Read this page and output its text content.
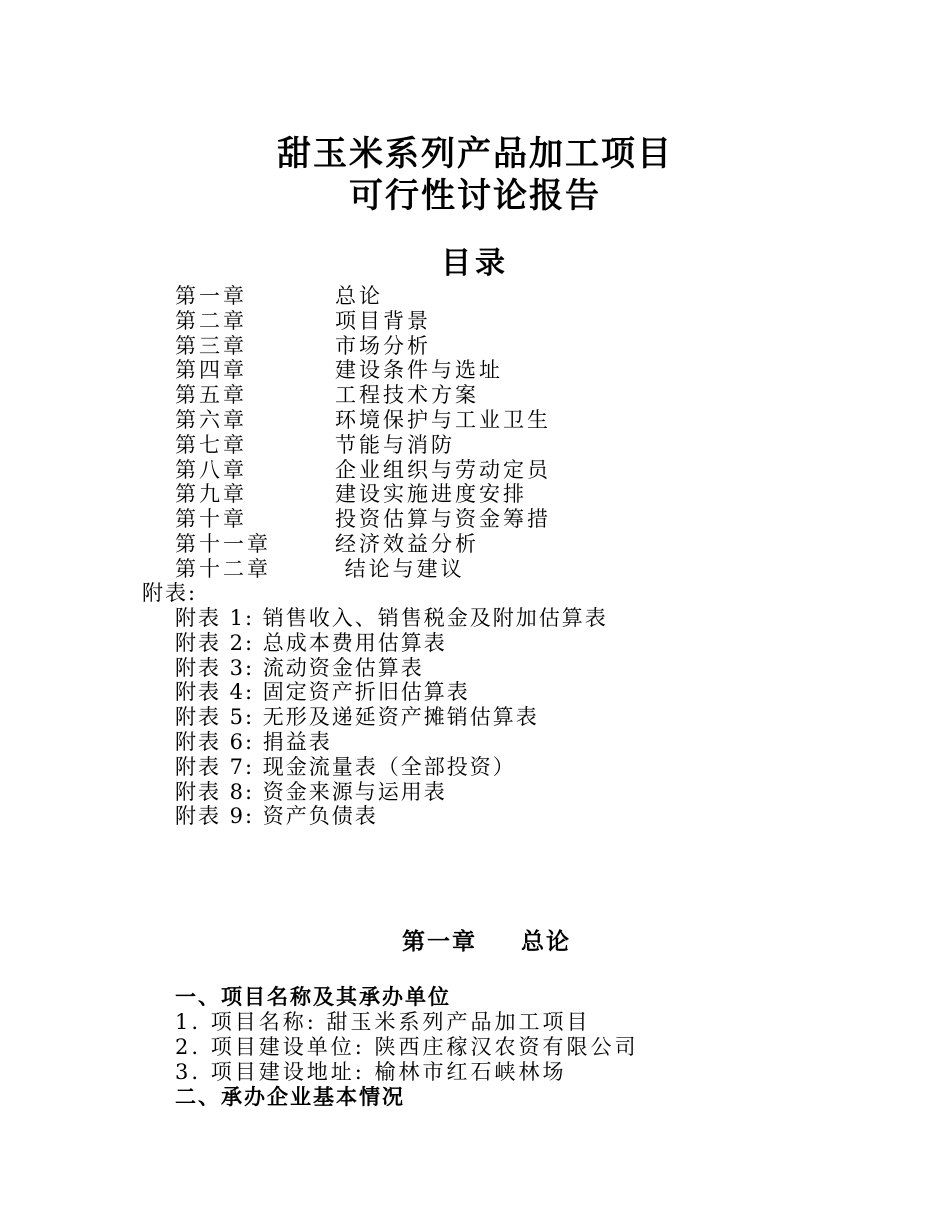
甜玉米系列产品加工项目
可行性讨论报告
目录
第一章	总论
第二章	项目背景
第三章	市场分析
第四章	建设条件与选址
第五章	工程技术方案
第六章	环境保护与工业卫生
第七章	节能与消防
第八章	企业组织与劳动定员
第九章	建设实施进度安排
第十章	投资估算与资金筹措
第十一章	经济效益分析
第十二章	结论与建议
附表:
附表 1: 销售收入、销售税金及附加估算表
附表 2: 总成本费用估算表
附表 3: 流动资金估算表
附表 4: 固定资产折旧估算表
附表 5: 无形及递延资产摊销估算表
附表 6: 捐益表
附表 7: 现金流量表（全部投资）
附表 8: 资金来源与运用表
附表 9: 资产负债表
第一章 总论
一、项目名称及其承办单位
1. 项目名称: 甜玉米系列产品加工项目
2. 项目建设单位: 陕西庄稼汉农资有限公司
3. 项目建设地址: 榆林市红石峡林场
二、承办企业基本情况
